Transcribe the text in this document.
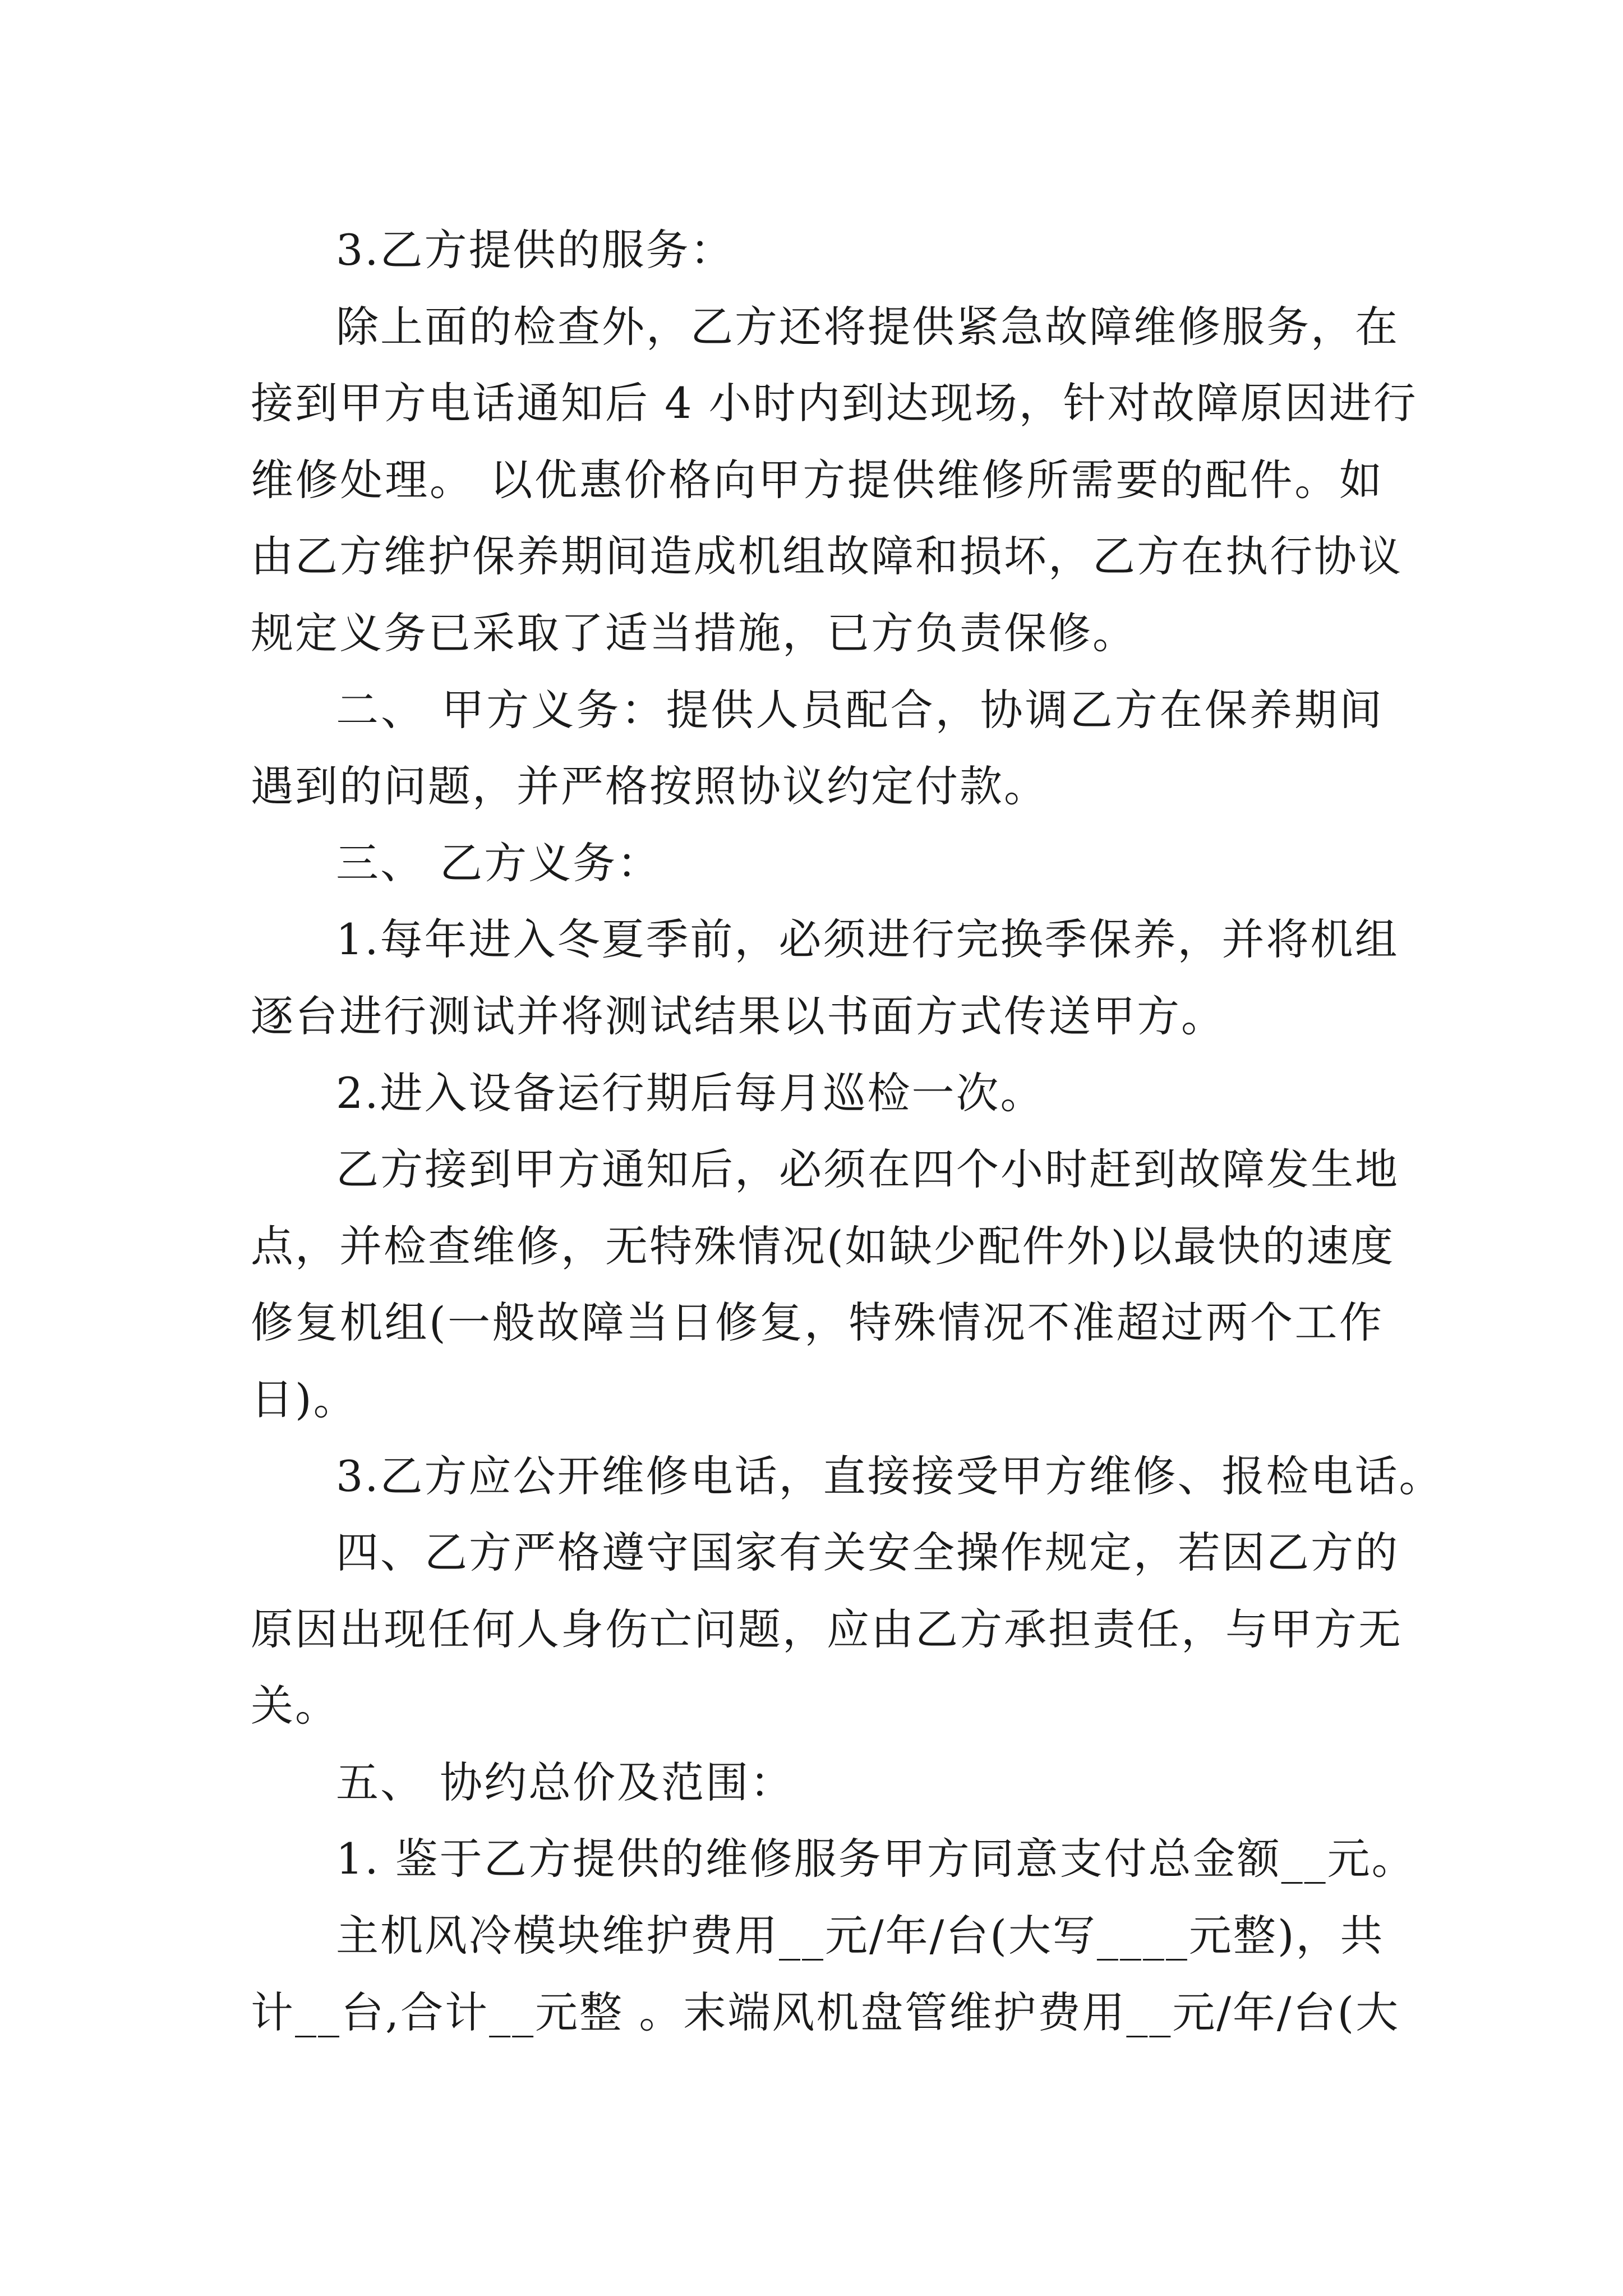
3.乙方提供的服务：
除上面的检查外，乙方还将提供紧急故障维修服务，在
接到甲方电话通知后 4 小时内到达现场，针对故障原因进行
维修处理。 以优惠价格向甲方提供维修所需要的配件。如
由乙方维护保养期间造成机组故障和损坏，乙方在执行协议
规定义务已采取了适当措施，已方负责保修。
二、 甲方义务：提供人员配合，协调乙方在保养期间
遇到的问题，并严格按照协议约定付款。
三、 乙方义务：
1.每年进入冬夏季前，必须进行完换季保养，并将机组
逐台进行测试并将测试结果以书面方式传送甲方。
2.进入设备运行期后每月巡检一次。
乙方接到甲方通知后，必须在四个小时赶到故障发生地
点，并检查维修，无特殊情况(如缺少配件外)以最快的速度
修复机组(一般故障当日修复，特殊情况不准超过两个工作
日)。
3.乙方应公开维修电话，直接接受甲方维修、报检电话。
四、乙方严格遵守国家有关安全操作规定，若因乙方的
原因出现任何人身伤亡问题，应由乙方承担责任，与甲方无
关。
五、 协约总价及范围：
1. 鉴于乙方提供的维修服务甲方同意支付总金额__元。
主机风冷模块维护费用__元/年/台(大写____元整)，共
计__台,合计__元整 。末端风机盘管维护费用__元/年/台(大
